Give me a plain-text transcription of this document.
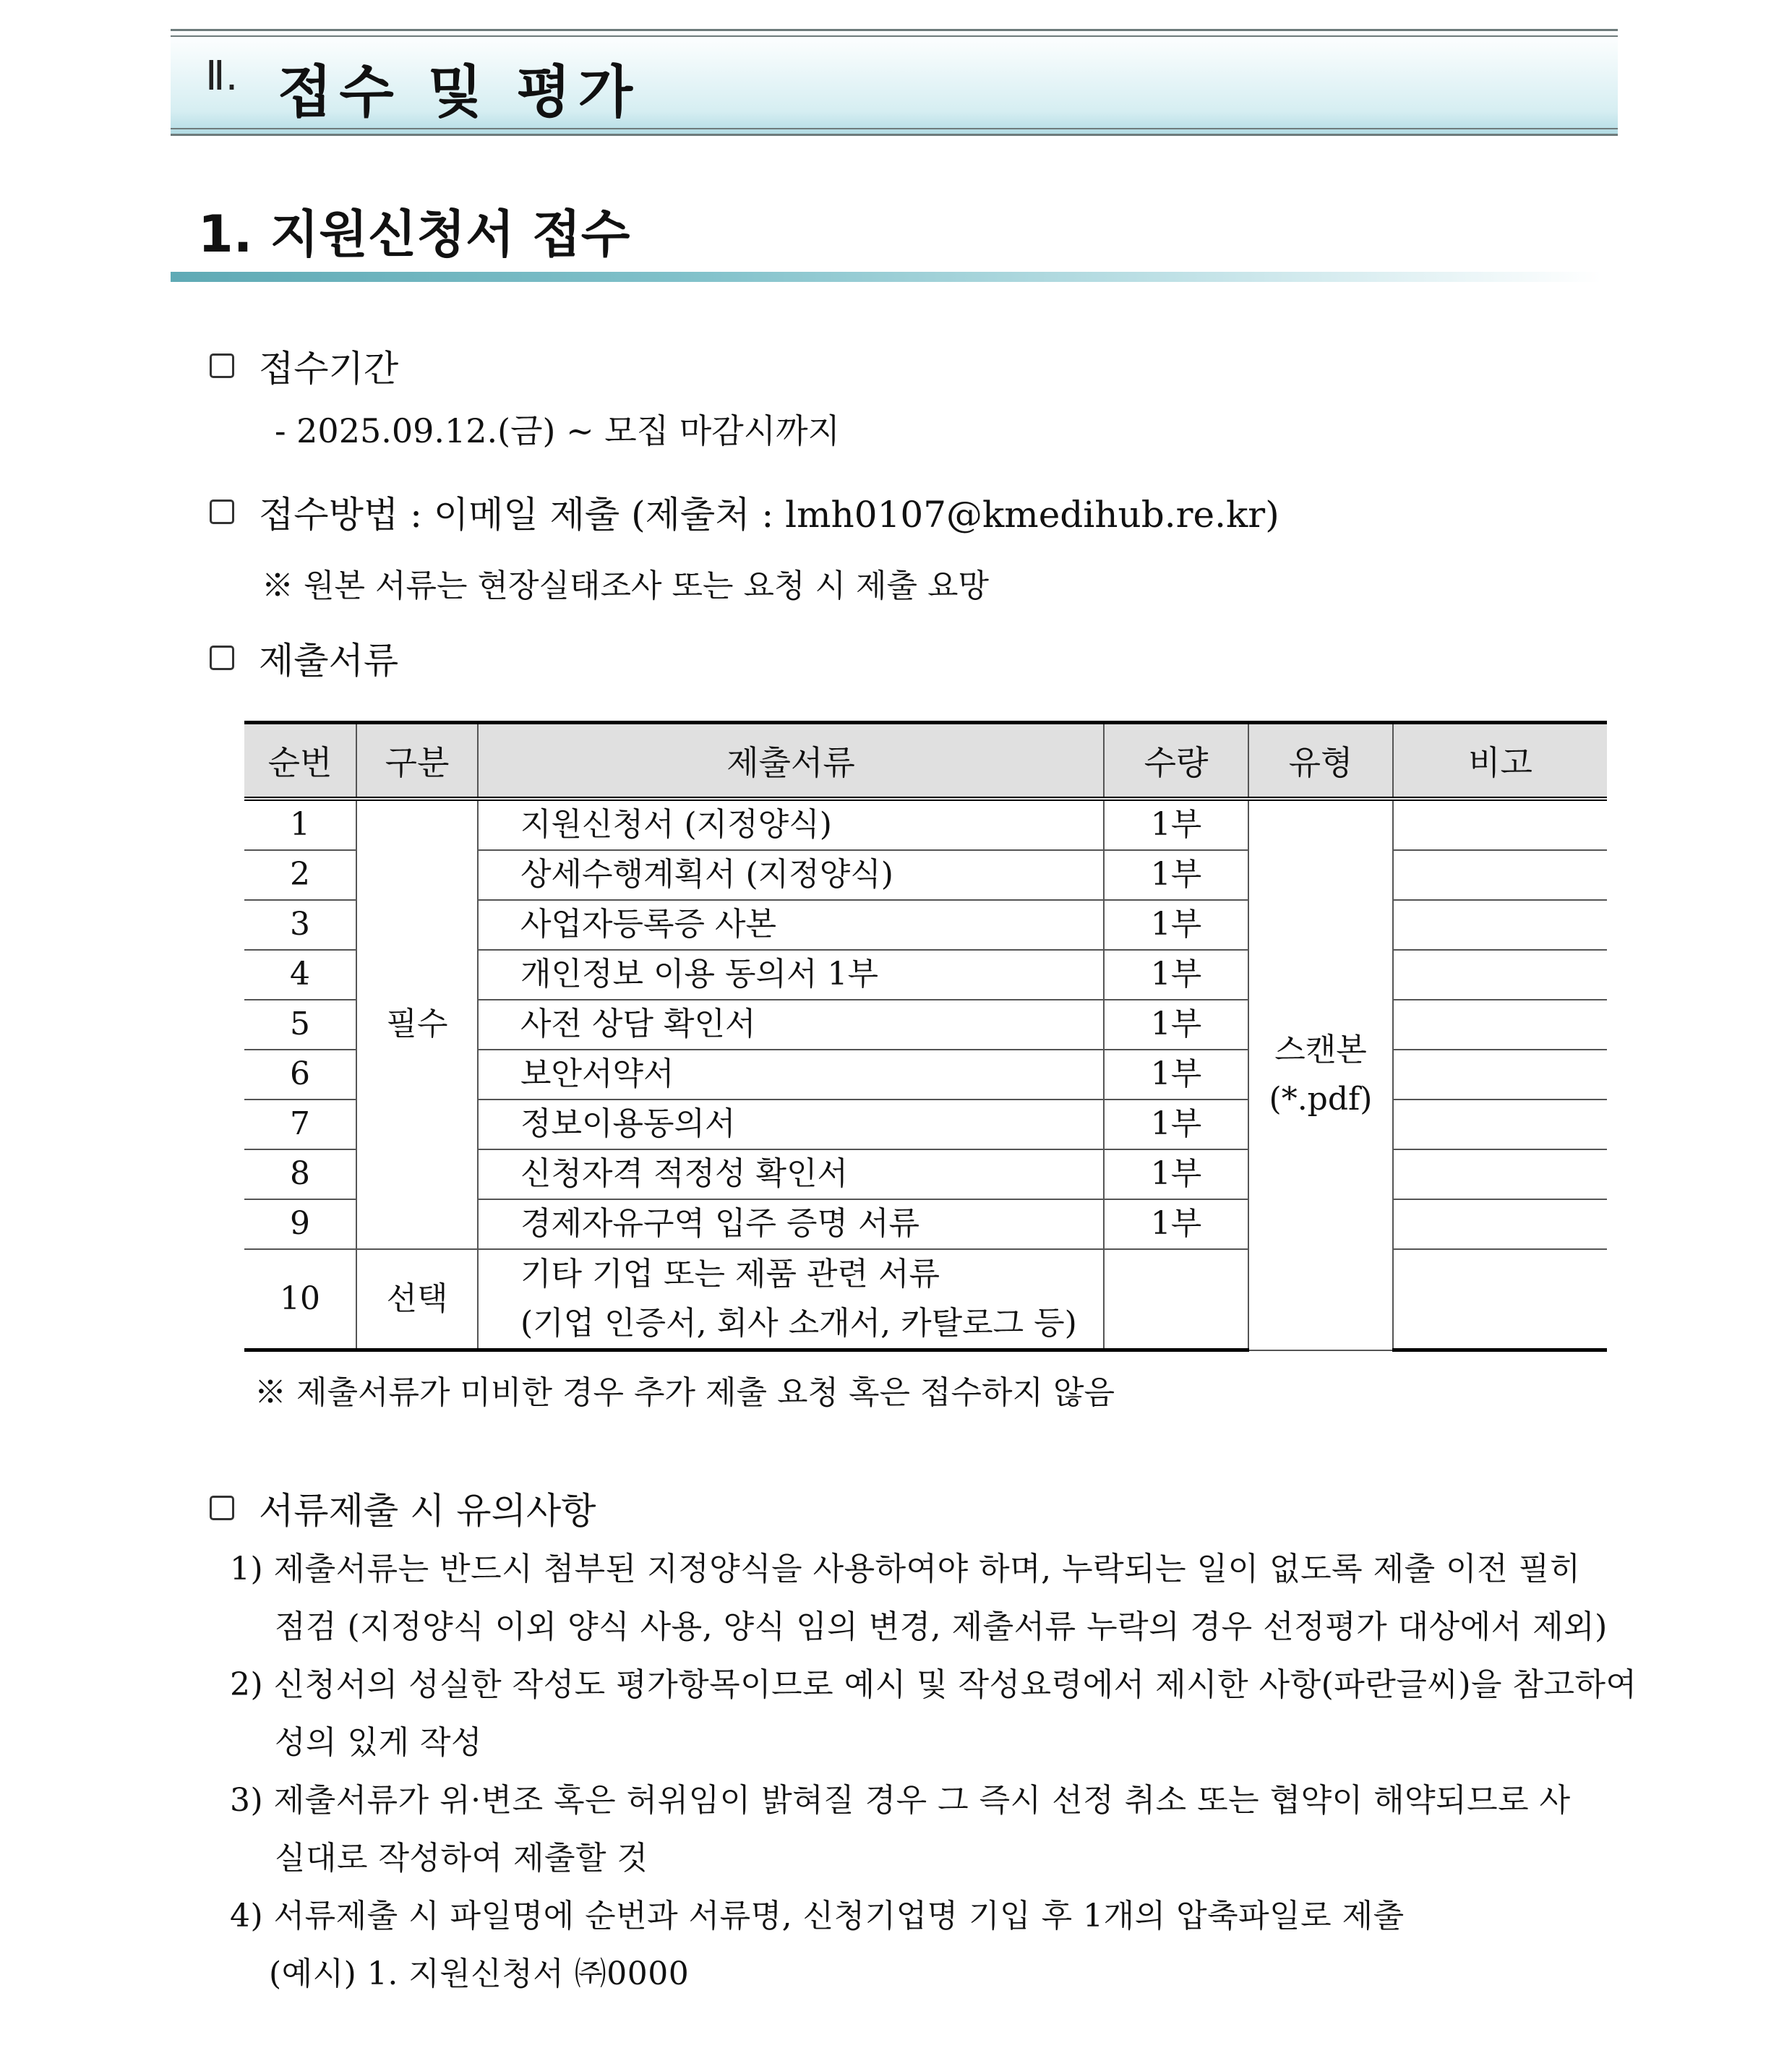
Ⅱ. 접수 및 평가
1. 지원신청서 접수
접수기간
- 2025.09.12.(금) ~ 모집 마감시까지
접수방법 : 이메일 제출 (제출처 : lmh0107@kmedihub.re.kr)
※ 원본 서류는 현장실태조사 또는 요청 시 제출 요망
제출서류
순번	구분	제출서류	수량	유형	비고
1	필수	지원신청서 (지정양식)	1부	스캔본
(*.pdf)	

2		상세수행계획서 (지정양식)	1부		
3		사업자등록증 사본	1부		
4		개인정보 이용 동의서 1부	1부		
5		사전 상담 확인서	1부		
6		보안서약서	1부		
7		정보이용동의서	1부		
8		신청자격 적정성 확인서	1부		
9		경제자유구역 입주 증명 서류	1부		
10	선택	기타 기업 또는 제품 관련 서류
(기업 인증서, 회사 소개서, 카탈로그 등)			

※ 제출서류가 미비한 경우 추가 제출 요청 혹은 접수하지 않음
서류제출 시 유의사항
1) 제출서류는 반드시 첨부된 지정양식을 사용하여야 하며, 누락되는 일이 없도록 제출 이전 필히
점검 (지정양식 이외 양식 사용, 양식 임의 변경, 제출서류 누락의 경우 선정평가 대상에서 제외)
2) 신청서의 성실한 작성도 평가항목이므로 예시 및 작성요령에서 제시한 사항(파란글씨)을 참고하여
성의 있게 작성
3) 제출서류가 위·변조 혹은 허위임이 밝혀질 경우 그 즉시 선정 취소 또는 협약이 해약되므로 사
실대로 작성하여 제출할 것
4) 서류제출 시 파일명에 순번과 서류명, 신청기업명 기입 후 1개의 압축파일로 제출
(예시) 1. 지원신청서 ㈜0000
